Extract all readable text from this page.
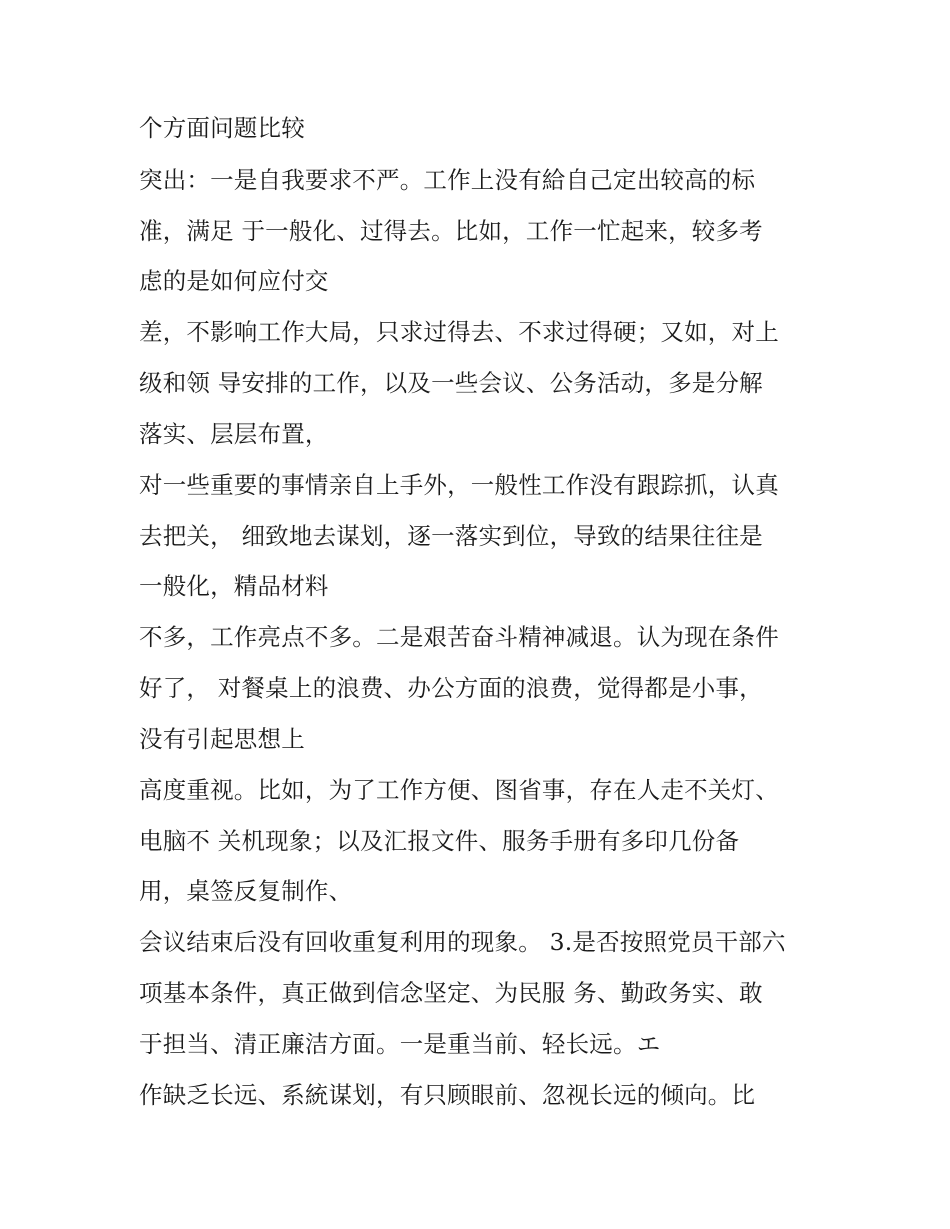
个方面问题比较
突出：一是自我要求不严。工作上没有給自己定出较高的标
准，满足 于一般化、过得去。比如，工作一忙起来，较多考
虑的是如何应付交
差，不影响工作大局，只求过得去、不求过得硬；又如，对上
级和领 导安排的工作，以及一些会议、公务活动，多是分解
落实、层层布置，
对一些重要的事情亲自上手外，一般性工作没有跟踪抓，认真
去把关， 细致地去谋划，逐一落实到位，导致的结果往往是
一般化，精品材料
不多，工作亮点不多。二是艰苦奋斗精神减退。认为现在条件
好了， 对餐桌上的浪费、办公方面的浪费，觉得都是小事，
没有引起思想上
高度重视。比如，为了工作方便、图省事，存在人走不关灯、
电脑不 关机现象；以及汇报文件、服务手册有多印几份备
用，桌签反复制作、
会议结束后没有回收重复利用的现象。 3.是否按照党员干部六
项基本条件，真正做到信念坚定、为民服 务、勤政务实、敢
于担当、清正廉洁方面。一是重当前、轻长远。エ
作缺乏长远、系統谋划，有只顾眼前、忽视长远的倾向。比
